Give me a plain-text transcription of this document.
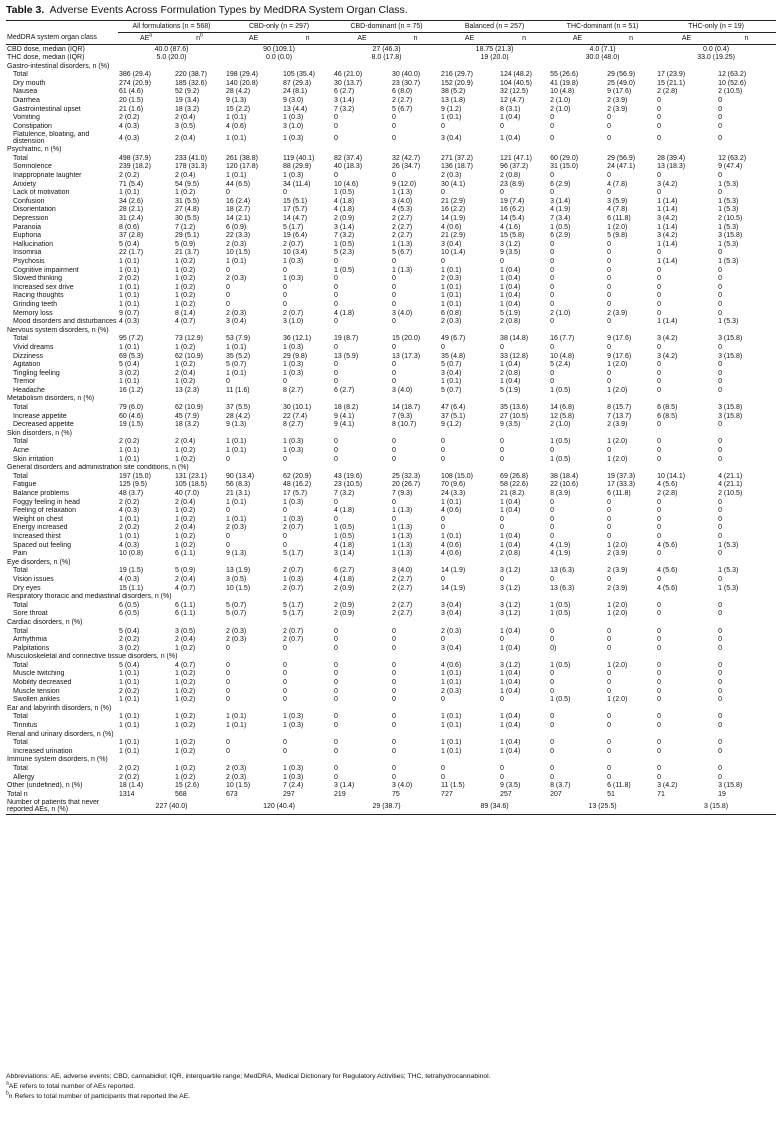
Table 3. Adverse Events Across Formulation Types by MedDRA System Organ Class.
	All formulations (n = 568)		CBD-only (n = 297)		CBD-dominant (n = 75)		Balanced (n = 257)		THC-dominant (n = 51)		THC-only (n = 19)	
MedDRA system organ class	$AE^a$	$n^b$	AE	n	AE	n	AE	n	AE	n	AE	n
CBD dose, median (IQR)	40.0 (87.6)		90 (109.1)		27 (46.3)		18.75 (21.3)		4.0 (7.1)		0.0 (0.4)	
THC dose, median (IQR)	5.0 (20.0)		0.0 (0.0)		8.0 (17.8)		19 (20.0)		30.0 (48.0)		33.0 (19.25)	
Gastro-intestinal disorders, n (%)												
Total	386 (29.4)	220 (38.7)	198 (29.4)	105 (35.4)	46 (21.0)	30 (40.0)	216 (29.7)	124 (48.2)	55 (26.6)	29 (56.9)	17 (23.9)	12 (63.2)
Dry mouth	274 (20.9)	185 (32.6)	140 (20.8)	87 (29.3)	30 (13.7)	23 (30.7)	152 (20.9)	104 (40.5)	41 (19.8)	25 (49.0)	15 (21.1)	10 (52.6)
Nausea	61 (4.6)	52 (9.2)	28 (4.2)	24 (8.1)	6 (2.7)	6 (8.0)	38 (5.2)	32 (12.5)	10 (4.8)	9 (17.6)	2 (2.8)	2 (10.5)
Diarrhea	20 (1.5)	19 (3.4)	9 (1.3)	9 (3.0)	3 (1.4)	2 (2.7)	13 (1.8)	12 (4.7)	2 (1.0)	2 (3.9)	0	0
Gastrointestinal upset	21 (1.6)	18 (3.2)	15 (2.2)	13 (4.4)	7 (3.2)	5 (6.7)	9 (1.2)	8 (3.1)	2 (1.0)	2 (3.9)	0	0
Vomiting	2 (0.2)	2 (0.4)	1 (0.1)	1 (0.3)	0	0	1 (0.1)	1 (0.4)	0	0	0	0
Constipation	4 (0.3)	3 (0.5)	4 (0.6)	3 (1.0)	0	0	0	0	0	0	0	0
Flatulence, bloating, and distension	4 (0.3)	2 (0.4)	1 (0.1)	1 (0.3)	0	0	3 (0.4)	1 (0.4)	0	0	0	0
Psychiatric, n (%)												
Total	498 (37.9)	233 (41.0)	261 (38.8)	119 (40.1)	82 (37.4)	32 (42.7)	271 (37.2)	121 (47.1)	60 (29.0)	29 (56.9)	28 (39.4)	12 (63.2)
Somnolence	239 (18.2)	178 (31.3)	120 (17.8)	88 (29.9)	40 (18.3)	26 (34.7)	136 (18.7)	96 (37.2)	31 (15.0)	24 (47.1)	13 (18.3)	9 (47.4)
Inappropriate laughter	2 (0.2)	2 (0.4)	1 (0.1)	1 (0.3)	0	0	2 (0.3)	2 (0.8)	0	0	0	0
Anxiety	71 (5.4)	54 (9.5)	44 (6.5)	34 (11.4)	10 (4.6)	9 (12.0)	30 (4.1)	23 (8.9)	6 (2.9)	4 (7.8)	3 (4.2)	1 (5.3)
Lack of motivation	1 (0.1)	1 (0.2)	0	0	1 (0.5)	1 (1.3)	0	0	0	0	0	0
Confusion	34 (2.6)	31 (5.5)	16 (2.4)	15 (5.1)	4 (1.8)	3 (4.0)	21 (2.9)	19 (7.4)	3 (1.4)	3 (5.9)	1 (1.4)	1 (5.3)
Disorientation	28 (2.1)	27 (4.8)	18 (2.7)	17 (5.7)	4 (1.8)	4 (5.3)	16 (2.2)	16 (6.2)	4 (1.9)	4 (7.8)	1 (1.4)	1 (5.3)
Depression	31 (2.4)	30 (5.5)	14 (2.1)	14 (4.7)	2 (0.9)	2 (2.7)	14 (1.9)	14 (5.4)	7 (3.4)	6 (11.8)	3 (4.2)	2 (10.5)
Paranoia	8 (0.6)	7 (1.2)	6 (0.9)	5 (1.7)	3 (1.4)	2 (2.7)	4 (0.6)	4 (1.6)	1 (0.5)	1 (2.0)	1 (1.4)	1 (5.3)
Euphoria	37 (2.8)	29 (5.1)	22 (3.3)	19 (6.4)	7 (3.2)	2 (2.7)	21 (2.9)	15 (5.8)	6 (2.9)	5 (9.8)	3 (4.2)	3 (15.8)
Hallucination	5 (0.4)	5 (0.9)	2 (0.3)	2 (0.7)	1 (0.5)	1 (1.3)	3 (0.4)	3 (1.2)	0	0	1 (1.4)	1 (5.3)
Insomnia	22 (1.7)	21 (3.7)	10 (1.5)	10 (3.4)	5 (2.3)	5 (6.7)	10 (1.4)	9 (3.5)	0	0	0	0
Psychosis	1 (0.1)	1 (0.2)	1 (0.1)	1 (0.3)	0	0	0	0	0	0	1 (1.4)	1 (5.3)
Cognitive impairment	1 (0.1)	1 (0.2)	0	0	1 (0.5)	1 (1.3)	1 (0.1)	1 (0.4)	0	0	0	0
Slowed thinking	2 (0.2)	1 (0.2)	2 (0.3)	1 (0.3)	0	0	2 (0.3)	1 (0.4)	0	0	0	0
Increased sex drive	1 (0.1)	1 (0.2)	0	0	0	0	1 (0.1)	1 (0.4)	0	0	0	0
Racing thoughts	1 (0.1)	1 (0.2)	0	0	0	0	1 (0.1)	1 (0.4)	0	0	0	0
Grinding teeth	1 (0.1)	1 (0.2)	0	0	0	0	1 (0.1)	1 (0.4)	0	0	0	0
Memory loss	9 (0.7)	8 (1.4)	2 (0.3)	2 (0.7)	4 (1.8)	3 (4.0)	6 (0.8)	5 (1.9)	2 (1.0)	2 (3.9)	0	0
Mood disorders and disturbances	4 (0.3)	4 (0.7)	3 (0.4)	3 (1.0)	0	0	2 (0.3)	2 (0.8)	0	0	1 (1.4)	1 (5.3)
Nervous system disorders, n (%)												
Total	95 (7.2)	73 (12.9)	53 (7.9)	36 (12.1)	19 (8.7)	15 (20.0)	49 (6.7)	38 (14.8)	16 (7.7)	9 (17.6)	3 (4.2)	3 (15.8)
Vivid dreams	1 (0.1)	1 (0.2)	1 (0.1)	1 (0.3)	0	0	0	0	0	0	0	0
Dizziness	69 (5.3)	62 (10.9)	35 (5.2)	29 (9.8)	13 (5.9)	13 (17.3)	35 (4.8)	33 (12.8)	10 (4.8)	9 (17.6)	3 (4.2)	3 (15.8)
Agitation	5 (0.4)	1 (0.2)	5 (0.7)	1 (0.3)	0	0	5 (0.7)	1 (0.4)	5 (2.4)	1 (2.0)	0	0
Tingling feeling	3 (0.2)	2 (0.4)	1 (0.1)	1 (0.3)	0	0	3 (0.4)	2 (0.8)	0	0	0	0
Tremor	1 (0.1)	1 (0.2)	0	0	0	0	1 (0.1)	1 (0.4)	0	0	0	0
Headache	16 (1.2)	13 (2.3)	11 (1.6)	8 (2.7)	6 (2.7)	3 (4.0)	5 (0.7)	5 (1.9)	1 (0.5)	1 (2.0)	0	0
Metabolism disorders, n (%)												
Total	79 (6.0)	62 (10.9)	37 (5.5)	30 (10.1)	18 (8.2)	14 (18.7)	47 (6.4)	35 (13.6)	14 (6.8)	8 (15.7)	6 (8.5)	3 (15.8)
Increase appetite	60 (4.6)	45 (7.9)	28 (4.2)	22 (7.4)	9 (4.1)	7 (9.3)	37 (5.1)	27 (10.5)	12 (5.8)	7 (13.7)	6 (8.5)	3 (15.8)
Decreased appetite	19 (1.5)	18 (3.2)	9 (1.3)	8 (2.7)	9 (4.1)	8 (10.7)	9 (1.2)	9 (3.5)	2 (1.0)	2 (3.9)	0	0
Skin disorders, n (%)												
Total	2 (0.2)	2 (0.4)	1 (0.1)	1 (0.3)	0	0	0	0	1 (0.5)	1 (2.0)	0	0
Acne	1 (0.1)	1 (0.2)	1 (0.1)	1 (0.3)	0	0	0	0	0	0	0	0
Skin irritation	1 (0.1)	1 (0.2)	0	0	0	0	0	0	1 (0.5)	1 (2.0)	0	0
General disorders and administration site conditions, n (%)												
Total	197 (15.0)	131 (23.1)	90 (13.4)	62 (20.9)	43 (19.6)	25 (32.3)	108 (15.0)	69 (26.8)	38 (18.4)	19 (37.3)	10 (14.1)	4 (21.1)
Fatigue	125 (9.5)	105 (18.5)	56 (8.3)	48 (16.2)	23 (10.5)	20 (26.7)	70 (9.6)	58 (22.6)	22 (10.6)	17 (33.3)	4 (5.6)	4 (21.1)
Balance problems	48 (3.7)	40 (7.0)	21 (3.1)	17 (5.7)	7 (3.2)	7 (9.3)	24 (3.3)	21 (8.2)	8 (3.9)	6 (11.8)	2 (2.8)	2 (10.5)
Foggy feeling in head	2 (0.2)	2 (0.4)	1 (0.1)	1 (0.3)	0	0	1 (0.1)	1 (0.4)	0	0	0	0
Feeling of relaxation	4 (0.3)	1 (0.2)	0	0	4 (1.8)	1 (1.3)	4 (0.6)	1 (0.4)	0	0	0	0
Weight on chest	1 (0.1)	1 (0.2)	1 (0.1)	1 (0.3)	0	0	0	0	0	0	0	0
Energy increased	2 (0.2)	2 (0.4)	2 (0.3)	2 (0.7)	1 (0.5)	1 (1.3)	0	0	0	0	0	0
Increased thirst	1 (0.1)	1 (0.2)	0	0	1 (0.5)	1 (1.3)	1 (0.1)	1 (0.4)	0	0	0	0
Spaced out feeling	4 (0.3)	1 (0.2)	0	0	4 (1.8)	1 (1.3)	4 (0.6)	1 (0.4)	4 (1.9)	1 (2.0)	4 (5.6)	1 (5.3)
Pain	10 (0.8)	6 (1.1)	9 (1.3)	5 (1.7)	3 (1.4)	1 (1.3)	4 (0.6)	2 (0.8)	4 (1.9)	2 (3.9)	0	0
Eye disorders, n (%)												
Total	19 (1.5)	5 (0.9)	13 (1.9)	2 (0.7)	6 (2.7)	3 (4.0)	14 (1.9)	3 (1.2)	13 (6.3)	2 (3.9)	4 (5.6)	1 (5.3)
Vision issues	4 (0.3)	2 (0.4)	3 (0.5)	1 (0.3)	4 (1.8)	2 (2.7)	0	0	0	0	0	0
Dry eyes	15 (1.1)	4 (0.7)	10 (1.5)	2 (0.7)	2 (0.9)	2 (2.7)	14 (1.9)	3 (1.2)	13 (6.3)	2 (3.9)	4 (5.6)	1 (5.3)
Respiratory thoracic and mediastinal disorders, n (%)												
Total	6 (0.5)	6 (1.1)	5 (0.7)	5 (1.7)	2 (0.9)	2 (2.7)	3 (0.4)	3 (1.2)	1 (0.5)	1 (2.0)	0	0
Sore throat	6 (0.5)	6 (1.1)	5 (0.7)	5 (1.7)	2 (0.9)	2 (2.7)	3 (0.4)	3 (1.2)	1 (0.5)	1 (2.0)	0	0
Cardiac disorders, n (%)												
Total	5 (0.4)	3 (0.5)	2 (0.3)	2 (0.7)	0	0	2 (0.3)	1 (0.4)	0	0	0	0
Arrhythmia	2 (0.2)	2 (0.4)	2 (0.3)	2 (0.7)	0	0	0	0	0	0	0	0
Palpitations	3 (0.2)	1 (0.2)	0	0	0	0	3 (0.4)	1 (0.4)	0)	0	0	0
Musculoskeletal and connective tissue disorders, n (%)												
Total	5 (0.4)	4 (0.7)	0	0	0	0	4 (0.6)	3 (1.2)	1 (0.5)	1 (2.0)	0	0
Muscle twitching	1 (0.1)	1 (0.2)	0	0	0	0	1 (0.1)	1 (0.4)	0	0	0	0
Mobility decreased	1 (0.1)	1 (0.2)	0	0	0	0	1 (0.1)	1 (0.4)	0	0	0	0
Muscle tension	2 (0.2)	1 (0.2)	0	0	0	0	2 (0.3)	1 (0.4)	0	0	0	0
Swollen ankles	1 (0.1)	1 (0.2)	0	0	0	0	0	0	1 (0.5)	1 (2.0)	0	0
Ear and labyrinth disorders, n (%)												
Total	1 (0.1)	1 (0.2)	1 (0.1)	1 (0.3)	0	0	1 (0.1)	1 (0.4)	0	0	0	0
Tinnitus	1 (0.1)	1 (0.2)	1 (0.1)	1 (0.3)	0	0	1 (0.1)	1 (0.4)	0	0	0	0
Renal and urinary disorders, n (%)												
Total	1 (0.1)	1 (0.2)	0	0	0	0	1 (0.1)	1 (0.4)	0	0	0	0
Increased urination	1 (0.1)	1 (0.2)	0	0	0	0	1 (0.1)	1 (0.4)	0	0	0	0
Immune system disorders, n (%)												
Total	2 (0.2)	1 (0.2)	2 (0.3)	1 (0.3)	0	0	0	0	0	0	0	0
Allergy	2 (0.2)	1 (0.2)	2 (0.3)	1 (0.3)	0	0	0	0	0	0	0	0
Other (undefined), n (%)	18 (1.4)	15 (2.6)	10 (1.5)	7 (2.4)	3 (1.4)	3 (4.0)	11 (1.5)	9 (3.5)	8 (3.7)	6 (11.8)	3 (4.2)	3 (15.8)
Total n	1314	568	673	297	219	75	727	257	207	51	71	19
Number of patients that never reported AEs, n (%)	227 (40.0)		120 (40.4)		29 (38.7)		89 (34.6)		13 (25.5)		3 (15.8)	
Abbreviations: AE, adverse events; CBD, cannabidiol; IQR, interquartile range; MedDRA, Medical Dictionary for Regulatory Activities; THC, tetrahydrocannabinol.
$^a$AE refers to total number of AEs reported.
$^b$n Refers to total number of participants that reported the AE.
